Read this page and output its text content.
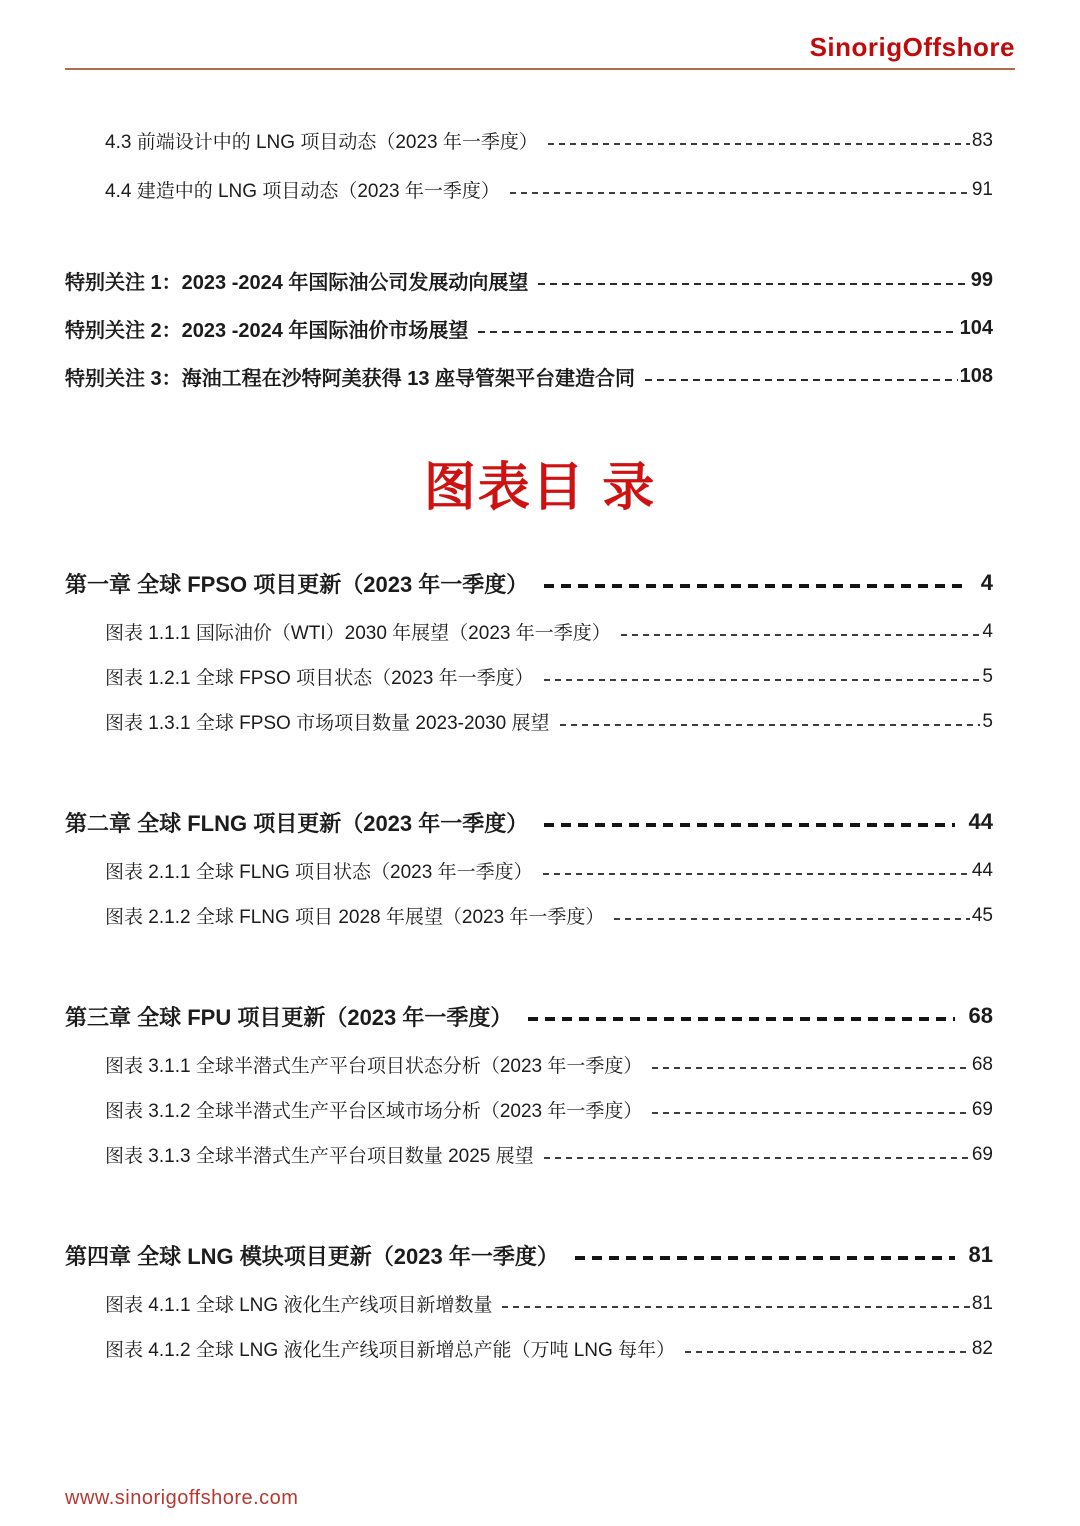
SinorigOffshore
4.3 前端设计中的 LNG 项目动态（2023 年一季度）	83
4.4 建造中的 LNG 项目动态（2023 年一季度）	91
特别关注 1：2023 -2024 年国际油公司发展动向展望	99
特别关注 2：2023 -2024 年国际油价市场展望	104
特别关注 3：海油工程在沙特阿美获得 13 座导管架平台建造合同	108
图表目 录
第一章 全球 FPSO 项目更新（2023 年一季度）	4
图表 1.1.1 国际油价（WTI）2030 年展望（2023 年一季度）	4
图表 1.2.1 全球 FPSO 项目状态（2023 年一季度）	5
图表 1.3.1 全球 FPSO 市场项目数量 2023-2030 展望	5
第二章 全球 FLNG 项目更新（2023 年一季度）	44
图表 2.1.1 全球 FLNG 项目状态（2023 年一季度）	44
图表 2.1.2 全球 FLNG 项目 2028 年展望（2023 年一季度）	45
第三章 全球 FPU 项目更新（2023 年一季度）	68
图表 3.1.1 全球半潜式生产平台项目状态分析（2023 年一季度）	68
图表 3.1.2 全球半潜式生产平台区域市场分析（2023 年一季度）	69
图表 3.1.3 全球半潜式生产平台项目数量 2025 展望	69
第四章 全球 LNG 模块项目更新（2023 年一季度）	81
图表 4.1.1 全球 LNG 液化生产线项目新增数量	81
图表 4.1.2 全球 LNG 液化生产线项目新增总产能（万吨 LNG 每年）	82
www.sinorigoffshore.com
